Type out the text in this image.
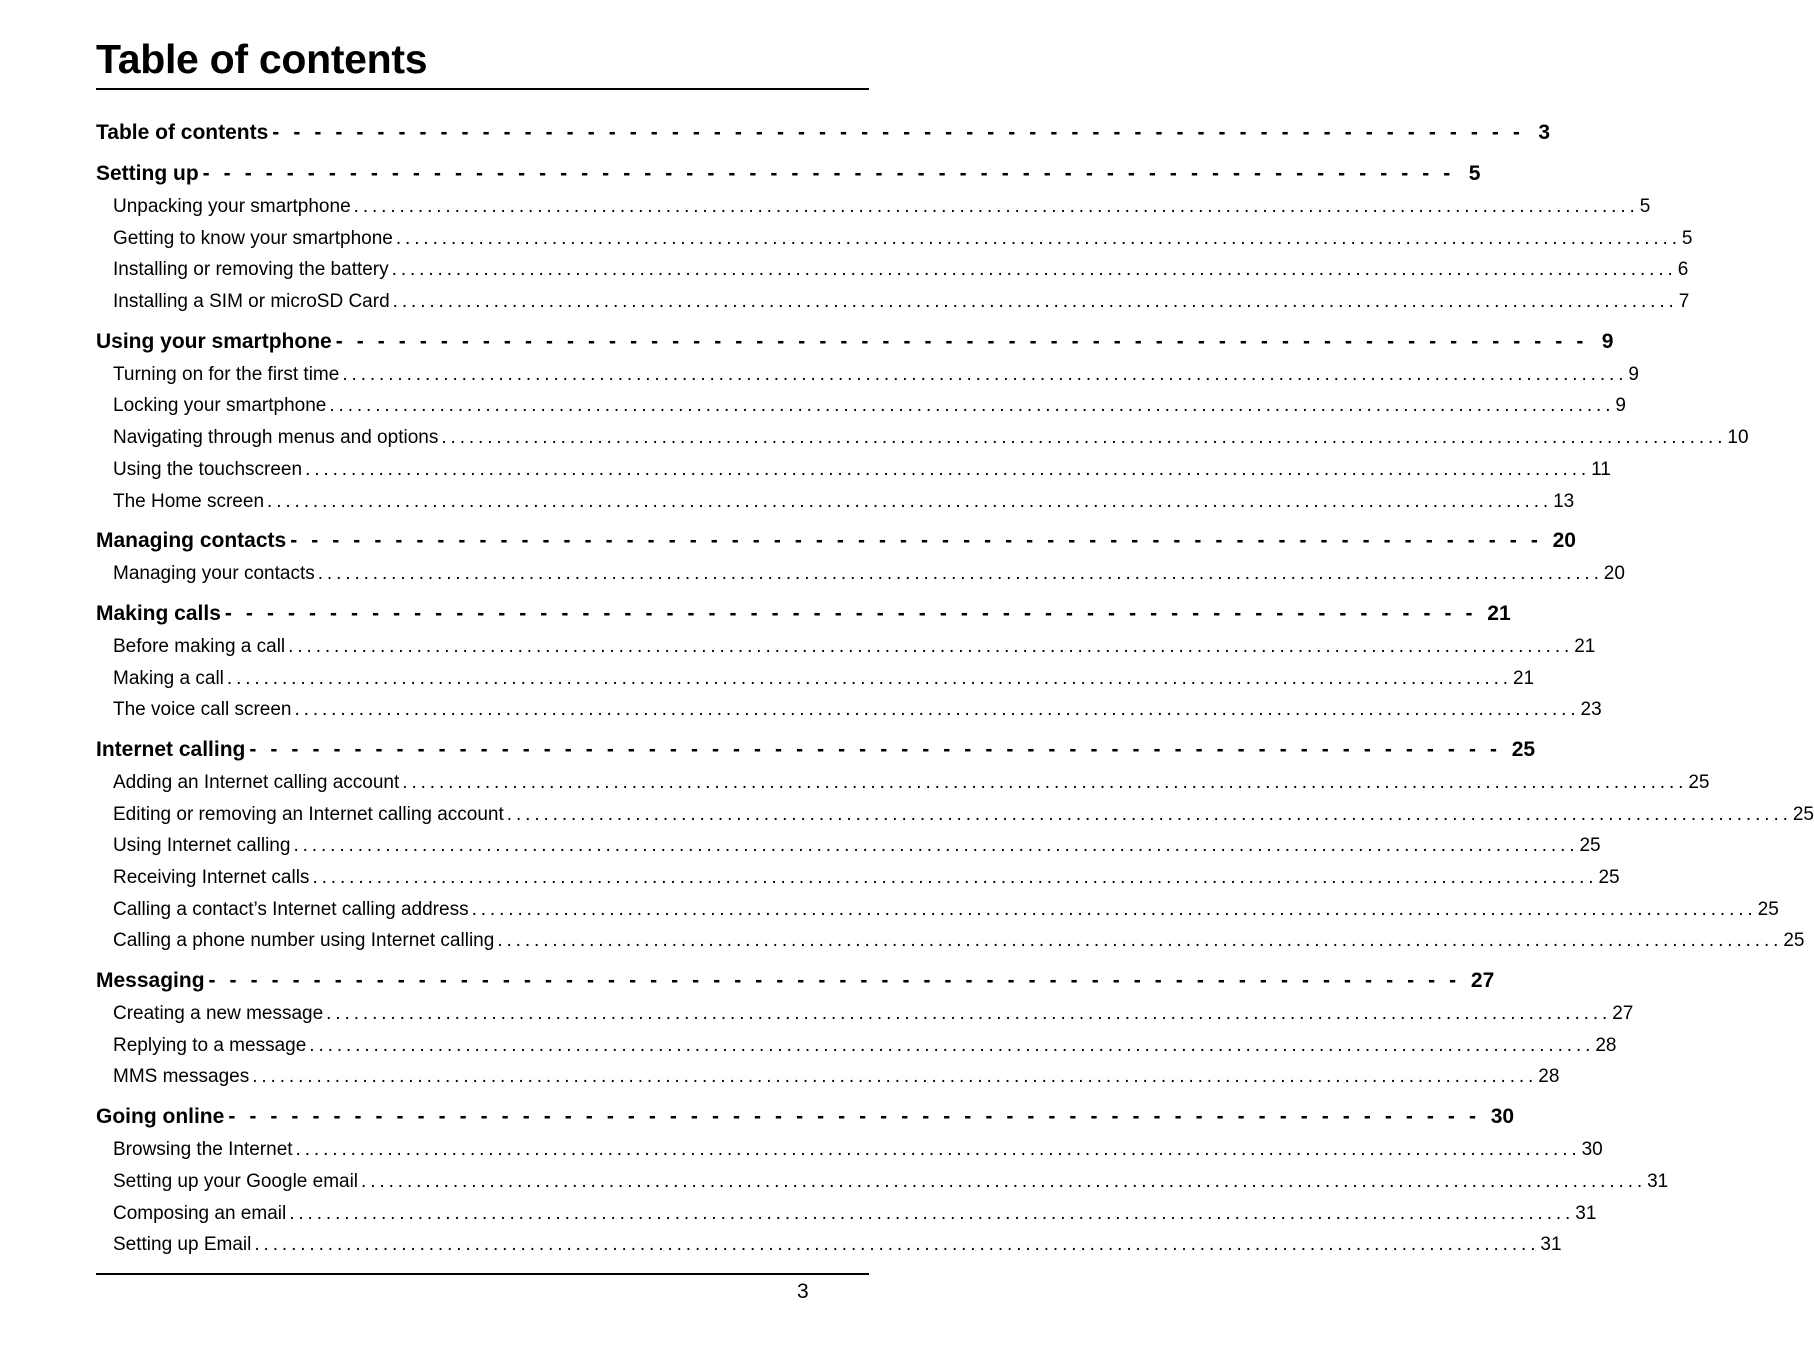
Table of contents
Table of contents - - - - - - - - - - - - - - - - - - - - - - - - - - - - - - - - - - - - - - - - - - - - - - - - - - - - - - - - - - - - 3
Setting up - - - - - - - - - - - - - - - - - - - - - - - - - - - - - - - - - - - - - - - - - - - - - - - - - - - - - - - - - - - - 5
Unpacking your smartphone ............................................................................................................................................ 5
Getting to know your smartphone ............................................................................................................................................ 5
Installing or removing the battery ............................................................................................................................................ 6
Installing a SIM or microSD Card ............................................................................................................................................ 7
Using your smartphone - - - - - - - - - - - - - - - - - - - - - - - - - - - - - - - - - - - - - - - - - - - - - - - - - - - - - - - - - - - - 9
Turning on for the first time ............................................................................................................................................ 9
Locking your smartphone ............................................................................................................................................ 9
Navigating through menus and options ............................................................................................................................................ 10
Using the touchscreen ............................................................................................................................................ 11
The Home screen ............................................................................................................................................ 13
Managing contacts - - - - - - - - - - - - - - - - - - - - - - - - - - - - - - - - - - - - - - - - - - - - - - - - - - - - - - - - - - - - 20
Managing your contacts ............................................................................................................................................ 20
Making calls - - - - - - - - - - - - - - - - - - - - - - - - - - - - - - - - - - - - - - - - - - - - - - - - - - - - - - - - - - - - 21
Before making a call ............................................................................................................................................ 21
Making a call ............................................................................................................................................ 21
The voice call screen ............................................................................................................................................ 23
Internet calling - - - - - - - - - - - - - - - - - - - - - - - - - - - - - - - - - - - - - - - - - - - - - - - - - - - - - - - - - - - - 25
Adding an Internet calling account ............................................................................................................................................ 25
Editing or removing an Internet calling account ............................................................................................................................................ 25
Using Internet calling ............................................................................................................................................ 25
Receiving Internet calls ............................................................................................................................................ 25
Calling a contact’s Internet calling address ............................................................................................................................................ 25
Calling a phone number using Internet calling ............................................................................................................................................ 25
Messaging - - - - - - - - - - - - - - - - - - - - - - - - - - - - - - - - - - - - - - - - - - - - - - - - - - - - - - - - - - - - 27
Creating a new message ............................................................................................................................................ 27
Replying to a message ............................................................................................................................................ 28
MMS messages ............................................................................................................................................ 28
Going online - - - - - - - - - - - - - - - - - - - - - - - - - - - - - - - - - - - - - - - - - - - - - - - - - - - - - - - - - - - - 30
Browsing the Internet ............................................................................................................................................ 30
Setting up your Google email ............................................................................................................................................ 31
Composing an email ............................................................................................................................................ 31
Setting up Email ............................................................................................................................................ 31
3
